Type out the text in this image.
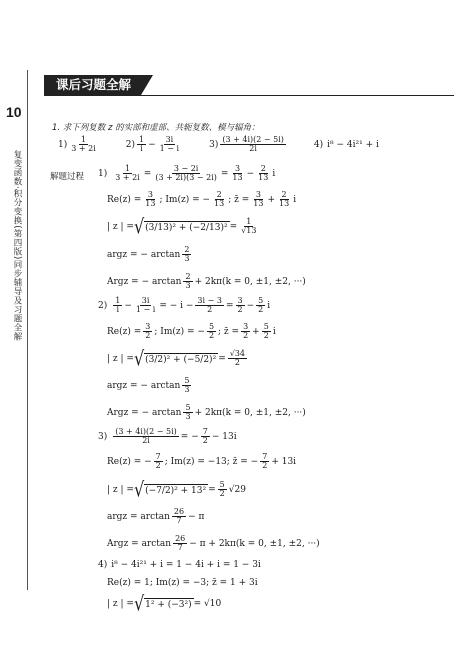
10
复变函数·积分变换(第四版)同步辅导及习题全解
课后习题全解
1. 求下列复数 z 的实部和虚部、共轭复数、模与辐角：
$1) \frac{1}{3 + 2i}$	$2) \frac{1}{i} - \frac{3i}{1 - i}$	$3) \frac{(3 + 4i)(2 - 5i)}{2i}$	4) i⁸ − 4i²¹ + i
解题过程 $1) \frac{1}{3 + 2i} = \frac{3 - 2i}{(3 + 2i)(3 - 2i)} = \frac{3}{13} - \frac{2}{13}$ i
$Re(z) = \frac{3}{13}$ ; Im(z) = − $\frac{2}{13}$ ; z̄ = $\frac{3}{13} + \frac{2}{13}$ i
| z | = √ $(3/13)^2 + (-2/13)^2 = \frac{1}{√13}$
argz = − $\arctan \frac{2}{3}$
Argz = − $\arctan \frac{2}{3} + 2k\pi(k = 0$, ±1, ±2, ···)
$2) \frac{1}{i} - \frac{3i}{1 - i}$ = − $i - \frac{3i - 3}{2} = \frac{3}{2} - \frac{5}{2}$ i
$Re(z) = \frac{3}{2}$ ; Im(z) = − $\frac{5}{2}$ ; z̄ = $\frac{3}{2} + \frac{5}{2}$ i
| z | = √ $(3/2)^2 + (-5/2)^2 = \frac{√34}{2}$
argz = − $\arctan \frac{5}{3}$
Argz = − $\arctan \frac{5}{3} + 2k\pi(k = 0$, ±1, ±2, ···)
$3) \frac{(3 + 4i)(2 - 5i)}{2i}$ = − $\frac{7}{2} - 13i$
Re(z) = − $\frac{7}{2}$ ; Im(z) = −13; z̄ = − $\frac{7}{2} + 13i$
| z | = √ $(-7/2)^2 + 13^2 = \frac{5}{2} √29$
argz = $\arctan \frac{26}{7} - \pi$
Argz = $\arctan \frac{26}{7} - \pi + 2k\pi(k = 0$, ±1, ±2, ···)
4) i⁸ − 4i²¹ + i = 1 − 4i + i = 1 − 3i
Re(z) = 1; Im(z) = −3; z̄ = 1 + 3i
| z | = √ 1² + (−3²) = √10
